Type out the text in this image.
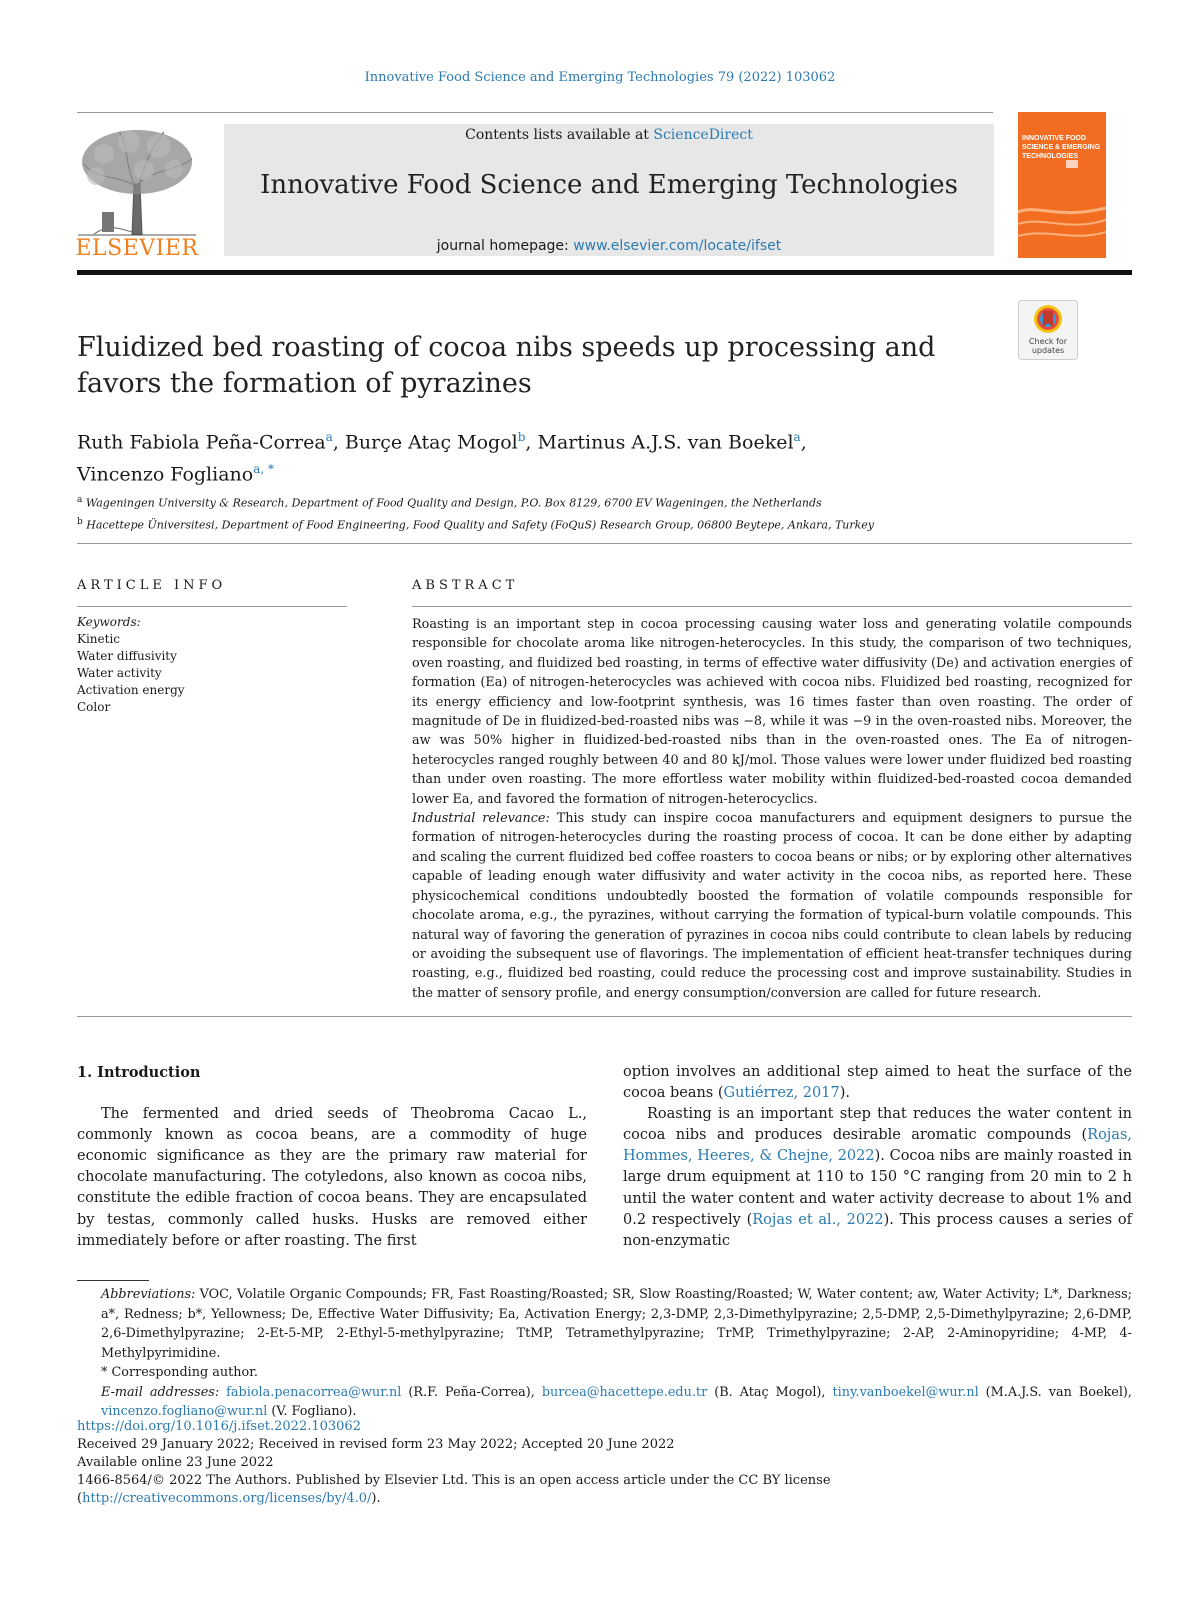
Innovative Food Science and Emerging Technologies 79 (2022) 103062
ELSEVIER
Contents lists available at ScienceDirect
Innovative Food Science and Emerging Technologies
journal homepage: www.elsevier.com/locate/ifset
INNOVATIVE FOOD SCIENCE & EMERGING TECHNOLOGIES
Check for updates
Fluidized bed roasting of cocoa nibs speeds up processing and favors the formation of pyrazines
Ruth Fabiola Peña-Correa$^a$, Burçe Ataç Mogol$^b$, Martinus A.J.S. van Boekel$^a$,
Vincenzo Fogliano$^{a, *}$
$^a$ Wageningen University & Research, Department of Food Quality and Design, P.O. Box 8129, 6700 EV Wageningen, the Netherlands
$^b$ Hacettepe Üniversitesi, Department of Food Engineering, Food Quality and Safety (FoQuS) Research Group, 06800 Beytepe, Ankara, Turkey
ARTICLE INFO	ABSTRACT
Keywords:
Kinetic
Water diffusivity
Water activity
Activation energy
Color

Roasting is an important step in cocoa processing causing water loss and generating volatile compounds responsible for chocolate aroma like nitrogen-heterocycles. In this study, the comparison of two techniques, oven roasting, and fluidized bed roasting, in terms of effective water diffusivity (De) and activation energies of formation (Ea) of nitrogen-heterocycles was achieved with cocoa nibs. Fluidized bed roasting, recognized for its energy efficiency and low-footprint synthesis, was 16 times faster than oven roasting. The order of magnitude of De in fluidized-bed-roasted nibs was −8, while it was −9 in the oven-roasted nibs. Moreover, the aw was 50% higher in fluidized-bed-roasted nibs than in the oven-roasted ones. The Ea of nitrogen-heterocycles ranged roughly between 40 and 80 kJ/mol. Those values were lower under fluidized bed roasting than under oven roasting. The more effortless water mobility within fluidized-bed-roasted cocoa demanded lower Ea, and favored the formation of nitrogen-heterocyclics.

Industrial relevance: This study can inspire cocoa manufacturers and equipment designers to pursue the formation of nitrogen-heterocycles during the roasting process of cocoa. It can be done either by adapting and scaling the current fluidized bed coffee roasters to cocoa beans or nibs; or by exploring other alternatives capable of leading enough water diffusivity and water activity in the cocoa nibs, as reported here. These physicochemical conditions undoubtedly boosted the formation of volatile compounds responsible for chocolate aroma, e.g., the pyrazines, without carrying the formation of typical-burn volatile compounds. This natural way of favoring the generation of pyrazines in cocoa nibs could contribute to clean labels by reducing or avoiding the subsequent use of flavorings. The implementation of efficient heat-transfer techniques during roasting, e.g., fluidized bed roasting, could reduce the processing cost and improve sustainability. Studies in the matter of sensory profile, and energy consumption/conversion are called for future research.

1. Introduction

The fermented and dried seeds of Theobroma Cacao L., commonly known as cocoa beans, are a commodity of huge economic significance as they are the primary raw material for chocolate manufacturing. The cotyledons, also known as cocoa nibs, constitute the edible fraction of cocoa beans. They are encapsulated by testas, commonly called husks. Husks are removed either immediately before or after roasting. The first

option involves an additional step aimed to heat the surface of the cocoa beans (Gutiérrez, 2017).

Roasting is an important step that reduces the water content in cocoa nibs and produces desirable aromatic compounds (Rojas, Hommes, Heeres, & Chejne, 2022). Cocoa nibs are mainly roasted in large drum equipment at 110 to 150 °C ranging from 20 min to 2 h until the water content and water activity decrease to about 1% and 0.2 respectively (Rojas et al., 2022). This process causes a series of non-enzymatic

Abbreviations: VOC, Volatile Organic Compounds; FR, Fast Roasting/Roasted; SR, Slow Roasting/Roasted; W, Water content; aw, Water Activity; L*, Darkness; a*, Redness; b*, Yellowness; De, Effective Water Diffusivity; Ea, Activation Energy; 2,3-DMP, 2,3-Dimethylpyrazine; 2,5-DMP, 2,5-Dimethylpyrazine; 2,6-DMP, 2,6-Dimethylpyrazine; 2-Et-5-MP, 2-Ethyl-5-methylpyrazine; TtMP, Tetramethylpyrazine; TrMP, Trimethylpyrazine; 2-AP, 2-Aminopyridine; 4-MP, 4-Methylpyrimidine.

* Corresponding author.

E-mail addresses: fabiola.penacorrea@wur.nl (R.F. Peña-Correa), burcea@hacettepe.edu.tr (B. Ataç Mogol), tiny.vanboekel@wur.nl (M.A.J.S. van Boekel), vincenzo.fogliano@wur.nl (V. Fogliano).

https://doi.org/10.1016/j.ifset.2022.103062

Received 29 January 2022; Received in revised form 23 May 2022; Accepted 20 June 2022

Available online 23 June 2022

1466-8564/© 2022 The Authors. Published by Elsevier Ltd. This is an open access article under the CC BY license (http://creativecommons.org/licenses/by/4.0/).
